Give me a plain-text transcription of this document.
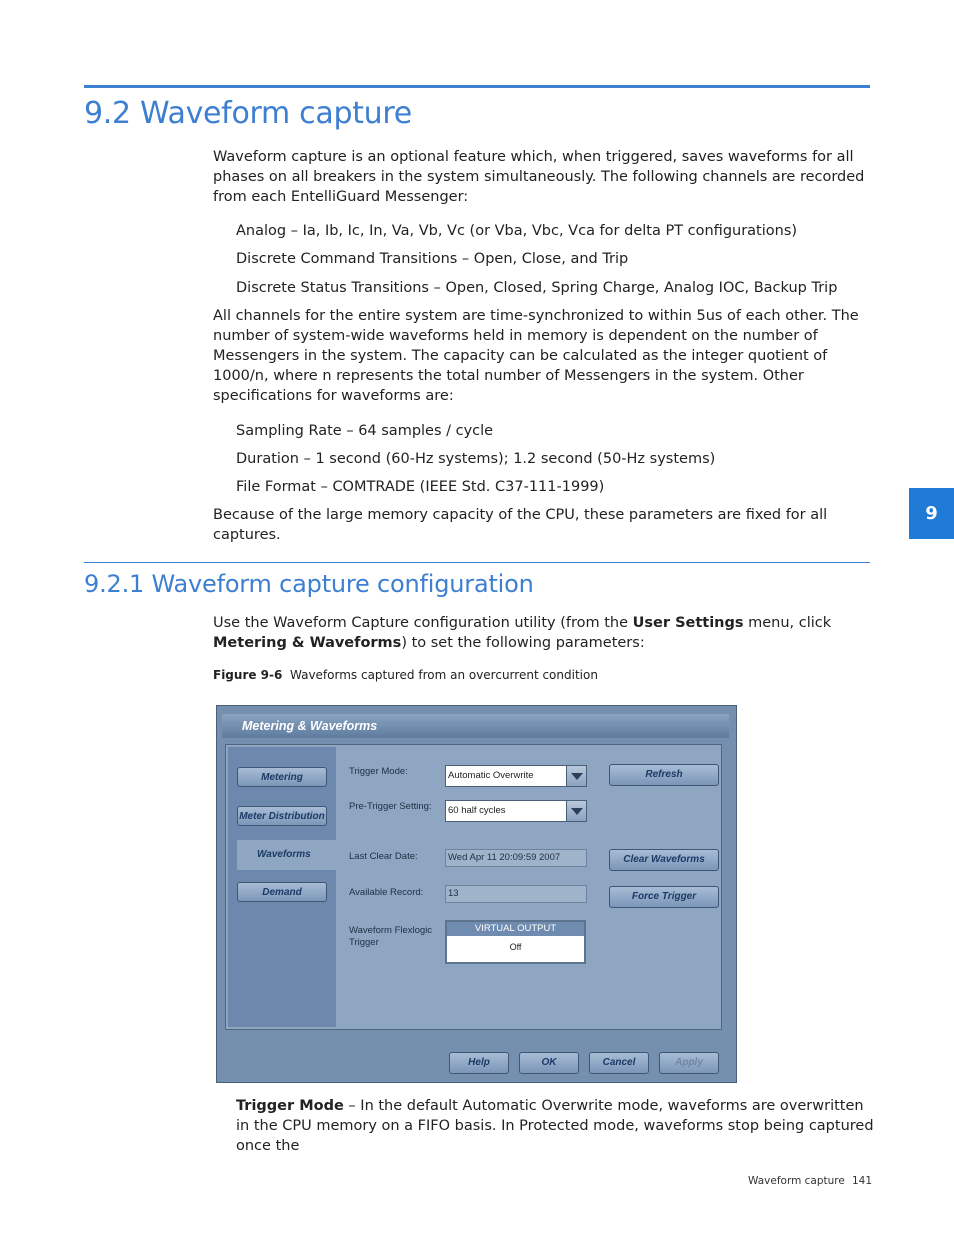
9.2 Waveform capture
Waveform capture is an optional feature which, when triggered, saves waveforms for all phases on all breakers in the system simultaneously. The following channels are recorded from each EntelliGuard Messenger:
Analog – Ia, Ib, Ic, In, Va, Vb, Vc (or Vba, Vbc, Vca for delta PT configurations)
Discrete Command Transitions – Open, Close, and Trip
Discrete Status Transitions – Open, Closed, Spring Charge, Analog IOC, Backup Trip
All channels for the entire system are time-synchronized to within 5us of each other. The number of system-wide waveforms held in memory is dependent on the number of Messengers in the system. The capacity can be calculated as the integer quotient of 1000/n, where n represents the total number of Messengers in the system. Other specifications for waveforms are:
Sampling Rate – 64 samples / cycle
Duration – 1 second (60-Hz systems); 1.2 second (50-Hz systems)
File Format – COMTRADE (IEEE Std. C37-111-1999)
Because of the large memory capacity of the CPU, these parameters are fixed for all captures.
9
9.2.1 Waveform capture configuration
Use the Waveform Capture configuration utility (from the User Settings menu, click Metering & Waveforms) to set the following parameters:
Figure 9-6 Waveforms captured from an overcurrent condition
Metering & Waveforms
Metering
Meter Distribution
Waveforms
Demand
Trigger Mode:	Automatic Overwrite
Pre-Trigger Setting:	60 half cycles
Last Clear Date:	Wed Apr 11 20:09:59 2007
Available Record:	13
Waveform Flexlogic Trigger
VIRTUAL OUTPUT
Off
Refresh
Clear Waveforms
Force Trigger
Help	OK	Cancel	Apply
Trigger Mode – In the default Automatic Overwrite mode, waveforms are overwritten in the CPU memory on a FIFO basis. In Protected mode, waveforms stop being captured once the
Waveform capture 141
